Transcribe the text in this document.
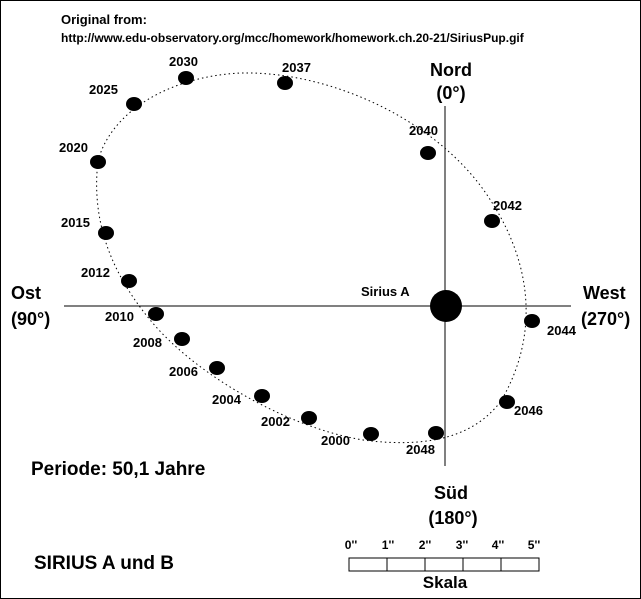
Original from:
http://www.edu-observatory.org/mcc/homework/homework.ch.20-21/SiriusPup.gif
Nord
(0°)
Süd
(180°)
Ost
(90°)
West
(270°)
Sirius A
2000
2002
2004
2006
2008
2010
2012
2015
2020
2025
2030	2037
2040
2042
2044
2046
2048
Periode: 50,1 Jahre
SIRIUS A und B
0'' 1'' 2'' 3'' 4'' 5''
Skala
